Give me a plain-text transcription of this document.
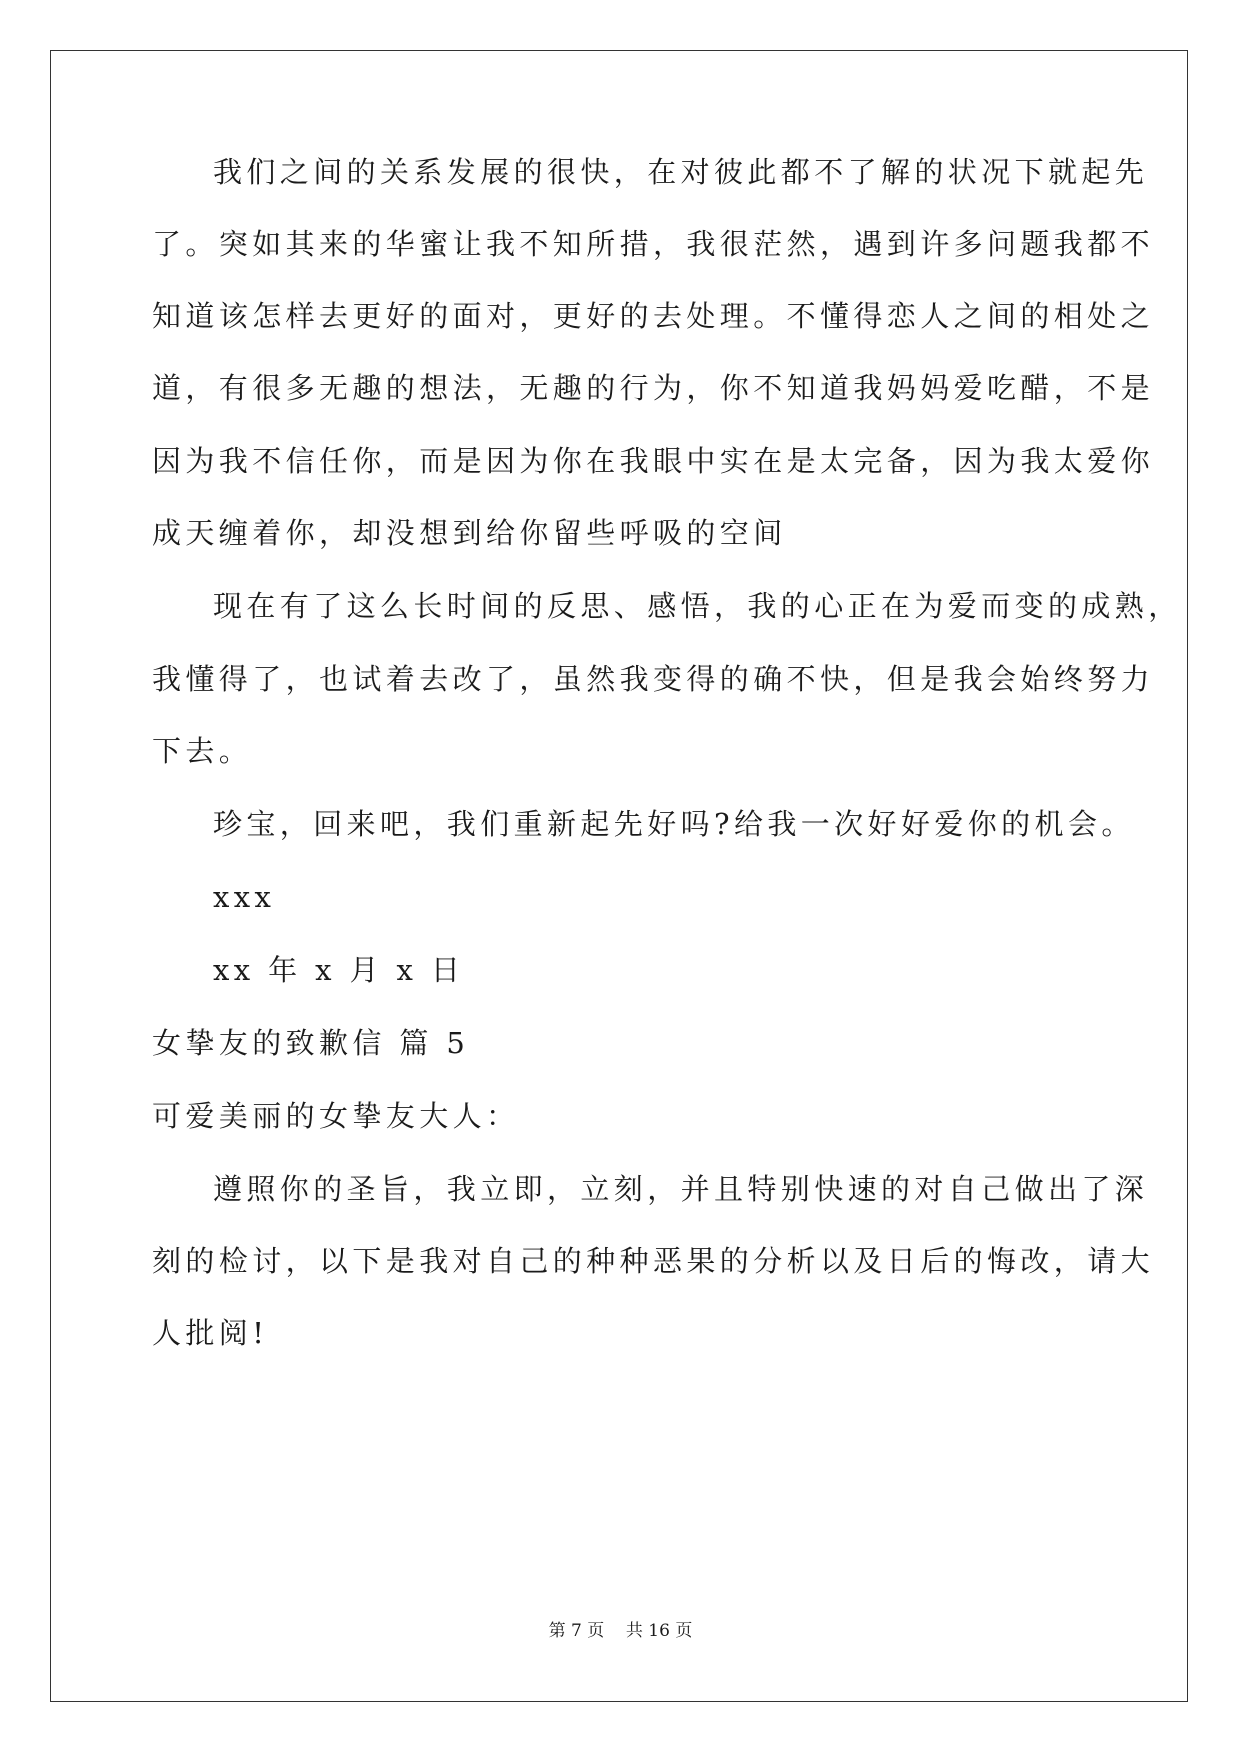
我们之间的关系发展的很快，在对彼此都不了解的状况下就起先
了。突如其来的华蜜让我不知所措，我很茫然，遇到许多问题我都不
知道该怎样去更好的面对，更好的去处理。不懂得恋人之间的相处之
道，有很多无趣的想法，无趣的行为，你不知道我妈妈爱吃醋，不是
因为我不信任你，而是因为你在我眼中实在是太完备，因为我太爱你
成天缠着你，却没想到给你留些呼吸的空间
现在有了这么长时间的反思、感悟，我的心正在为爱而变的成熟，
我懂得了，也试着去改了，虽然我变得的确不快，但是我会始终努力
下去。
珍宝，回来吧，我们重新起先好吗?给我一次好好爱你的机会。
xxx
xx 年 x 月 x 日
女挚友的致歉信 篇 5
可爱美丽的女挚友大人：
遵照你的圣旨，我立即，立刻，并且特别快速的对自己做出了深
刻的检讨，以下是我对自己的种种恶果的分析以及日后的悔改，请大
人批阅!
第 7 页    共 16 页
